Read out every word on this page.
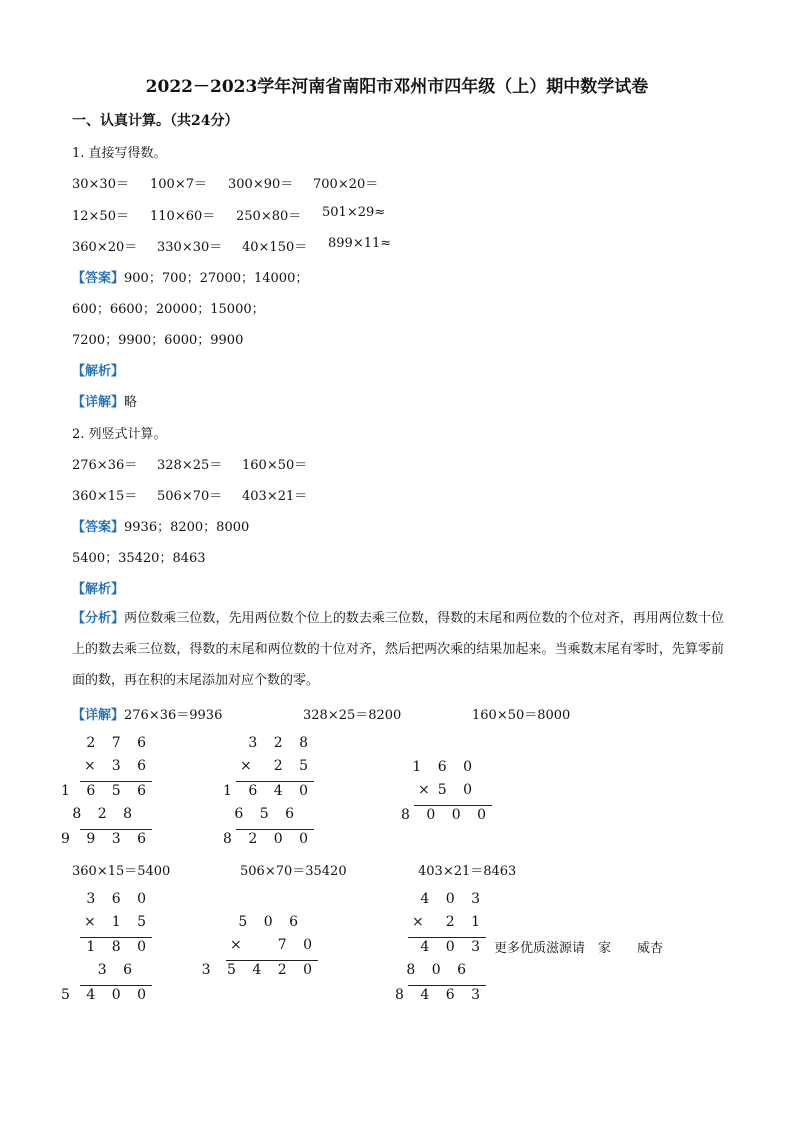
2022－2023学年河南省南阳市邓州市四年级（上）期中数学试卷
一、认真计算。（共24分）
1. 直接写得数。
30×30＝ 100×7＝ 300×90＝ 700×20＝
12×50＝ 110×60＝ 250×80＝ 501×29≈
360×20＝ 330×30＝ 40×150＝ 899×11≈
【答案】900；700；27000；14000；
600；6600；20000；15000；
7200；9900；6000；9900
【解析】
【详解】略
2. 列竖式计算。
276×36＝ 328×25＝ 160×50＝
360×15＝ 506×70＝ 403×21＝
【答案】9936；8200；8000
5400；35420；8463
【解析】
【分析】两位数乘三位数，先用两位数个位上的数去乘三位数，得数的末尾和两位数的个位对齐，再用两位数十位上的数去乘三位数，得数的末尾和两位数的十位对齐，然后把两次乘的结果加起来。当乘数末尾有零时，先算零前面的数，再在积的末尾添加对应个数的零。
【详解】276×36＝9936	328×25＝8200	160×50＝8000
2 7 6
× 3 6
1 6 5 6
8 2 8
9 9 3 6
3 2 8
× 2 5
1 6 4 0
6 5 6
8 2 0 0
1 6 0
× 5 0
8 0 0 0
360×15＝5400	506×70＝35420	403×21＝8463
3 6 0
× 1 5
1 8 0
3 6
5 4 0 0
5 0 6
× 7 0
3 5 4 2 0
4 0 3
× 2 1
4 0 3
8 0 6
8 4 6 3
更多优质滋源请　家　　威杏
